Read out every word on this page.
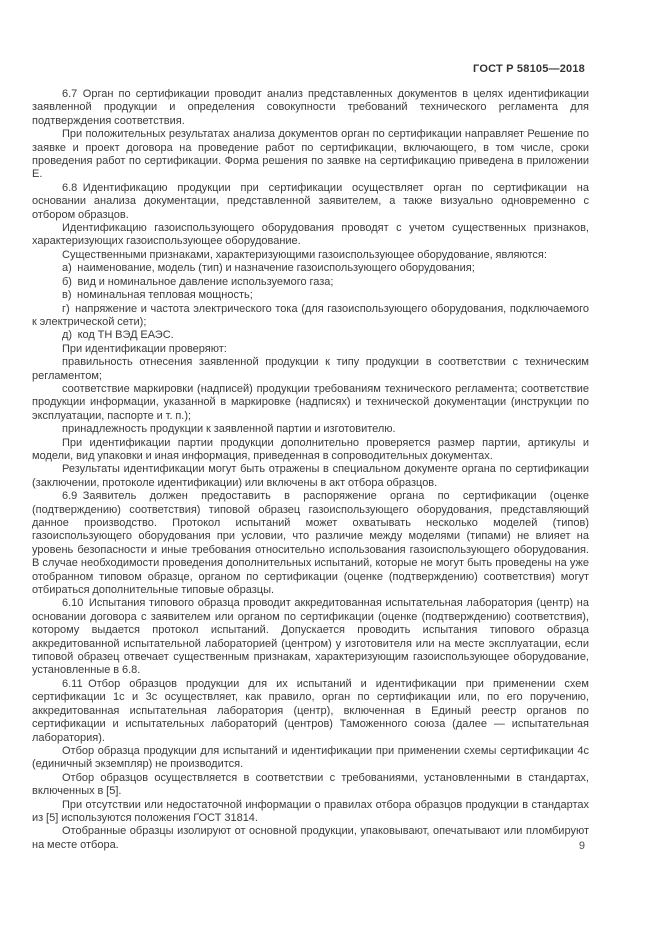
ГОСТ Р 58105—2018

6.7 Орган по сертификации проводит анализ представленных документов в целях идентификации заявленной продукции и определения совокупности требований технического регламента для подтверждения соответствия.

При положительных результатах анализа документов орган по сертификации направляет Решение по заявке и проект договора на проведение работ по сертификации, включающего, в том числе, сроки проведения работ по сертификации. Форма решения по заявке на сертификацию приведена в приложении Е.

6.8 Идентификацию продукции при сертификации осуществляет орган по сертификации на основании анализа документации, представленной заявителем, а также визуально одновременно с отбором образцов.

Идентификацию газоиспользующего оборудования проводят с учетом существенных признаков, характеризующих газоиспользующее оборудование.

Существенными признаками, характеризующими газоиспользующее оборудование, являются:

а) наименование, модель (тип) и назначение газоиспользующего оборудования;

б) вид и номинальное давление используемого газа;

в) номинальная тепловая мощность;

г) напряжение и частота электрического тока (для газоиспользующего оборудования, подключаемого к электрической сети);

д) код ТН ВЭД ЕАЭС.

При идентификации проверяют:

правильность отнесения заявленной продукции к типу продукции в соответствии с техническим регламентом;

соответствие маркировки (надписей) продукции требованиям технического регламента; соответствие продукции информации, указанной в маркировке (надписях) и технической документации (инструкции по эксплуатации, паспорте и т. п.);

принадлежность продукции к заявленной партии и изготовителю.

При идентификации партии продукции дополнительно проверяется размер партии, артикулы и модели, вид упаковки и иная информация, приведенная в сопроводительных документах.

Результаты идентификации могут быть отражены в специальном документе органа по сертификации (заключении, протоколе идентификации) или включены в акт отбора образцов.

6.9 Заявитель должен предоставить в распоряжение органа по сертификации (оценке (подтверждению) соответствия) типовой образец газоиспользующего оборудования, представляющий данное производство. Протокол испытаний может охватывать несколько моделей (типов) газоиспользующего оборудования при условии, что различие между моделями (типами) не влияет на уровень безопасности и иные требования относительно использования газоиспользующего оборудования. В случае необходимости проведения дополнительных испытаний, которые не могут быть проведены на уже отобранном типовом образце, органом по сертификации (оценке (подтверждению) соответствия) могут отбираться дополнительные типовые образцы.

6.10 Испытания типового образца проводит аккредитованная испытательная лаборатория (центр) на основании договора с заявителем или органом по сертификации (оценке (подтверждению) соответствия), которому выдается протокол испытаний. Допускается проводить испытания типового образца аккредитованной испытательной лабораторией (центром) у изготовителя или на месте эксплуатации, если типовой образец отвечает существенным признакам, характеризующим газоиспользующее оборудование, установленные в 6.8.

6.11 Отбор образцов продукции для их испытаний и идентификации при применении схем сертификации 1с и 3с осуществляет, как правило, орган по сертификации или, по его поручению, аккредитованная испытательная лаборатория (центр), включенная в Единый реестр органов по сертификации и испытательных лабораторий (центров) Таможенного союза (далее — испытательная лаборатория).

Отбор образца продукции для испытаний и идентификации при применении схемы сертификации 4с (единичный экземпляр) не производится.

Отбор образцов осуществляется в соответствии с требованиями, установленными в стандартах, включенных в [5].

При отсутствии или недостаточной информации о правилах отбора образцов продукции в стандартах из [5] используются положения ГОСТ 31814.

Отобранные образцы изолируют от основной продукции, упаковывают, опечатывают или пломбируют на месте отбора.	9
